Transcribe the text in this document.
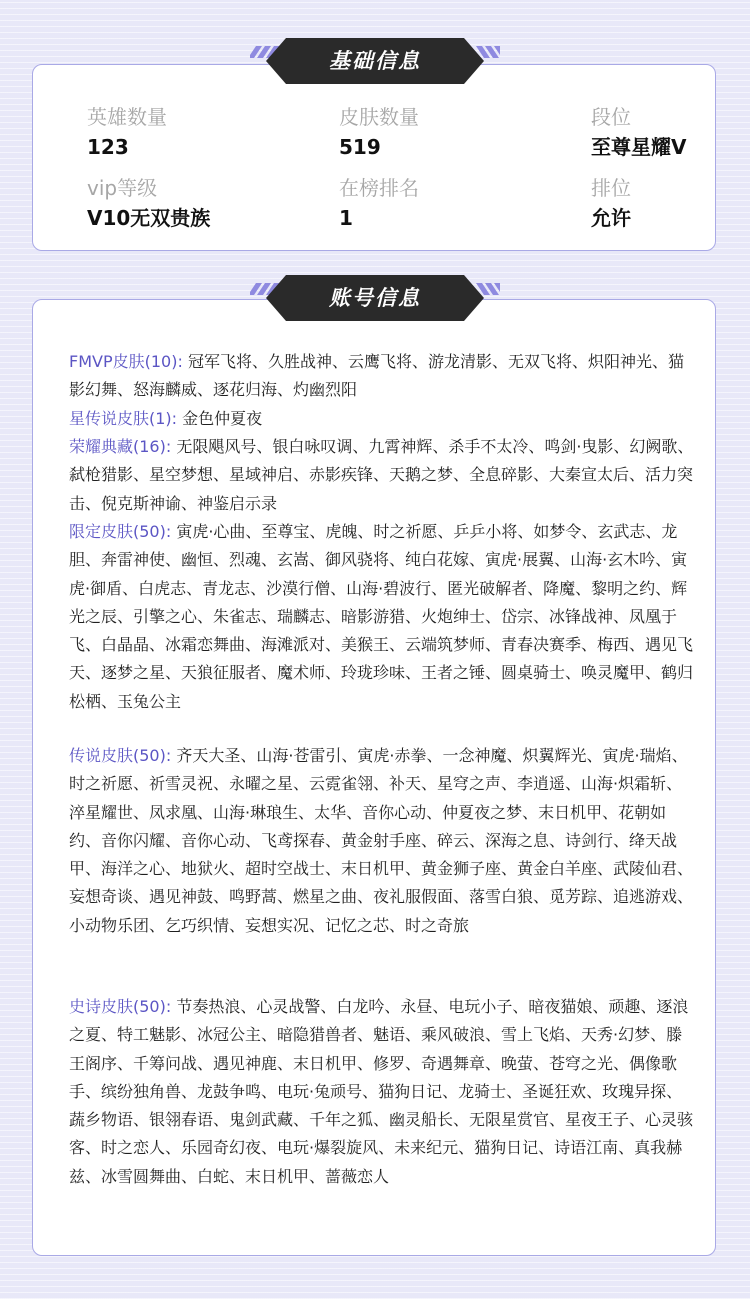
英雄数量
123
皮肤数量
519
段位
至尊星耀V
vip等级
V10无双贵族
在榜排名
1
排位
允许
基础信息
FMVP皮肤(10): 冠军飞将、久胜战神、云鹰飞将、游龙清影、无双飞将、炽阳神光、猫影幻舞、怒海麟威、逐花归海、灼幽烈阳
星传说皮肤(1): 金色仲夏夜
荣耀典藏(16): 无限飓风号、银白咏叹调、九霄神辉、杀手不太冷、鸣剑·曳影、幻阙歌、弑枪猎影、星空梦想、星域神启、赤影疾锋、天鹅之梦、全息碎影、大秦宣太后、活力突击、倪克斯神谕、神鉴启示录
限定皮肤(50): 寅虎·心曲、至尊宝、虎魄、时之祈愿、乒乒小将、如梦令、玄武志、龙胆、奔雷神使、幽恒、烈魂、玄嵩、御风骁将、纯白花嫁、寅虎·展翼、山海·玄木吟、寅虎·御盾、白虎志、青龙志、沙漠行僧、山海·碧波行、匿光破解者、降魔、黎明之约、辉光之辰、引擎之心、朱雀志、瑞麟志、暗影游猎、火炮绅士、岱宗、冰锋战神、凤凰于飞、白晶晶、冰霜恋舞曲、海滩派对、美猴王、云端筑梦师、青春决赛季、梅西、遇见飞天、逐梦之星、天狼征服者、魔术师、玲珑珍味、王者之锤、圆桌骑士、唤灵魔甲、鹤归松栖、玉兔公主
传说皮肤(50): 齐天大圣、山海·苍雷引、寅虎·赤拳、一念神魔、炽翼辉光、寅虎·瑞焰、时之祈愿、祈雪灵祝、永曜之星、云霓雀翎、补天、星穹之声、李逍遥、山海·炽霜斩、淬星耀世、凤求凰、山海·琳琅生、太华、音你心动、仲夏夜之梦、末日机甲、花朝如约、音你闪耀、音你心动、飞鸢探春、黄金射手座、碎云、深海之息、诗剑行、绛天战甲、海洋之心、地狱火、超时空战士、末日机甲、黄金狮子座、黄金白羊座、武陵仙君、妄想奇谈、遇见神鼓、鸣野蒿、燃星之曲、夜礼服假面、落雪白狼、觅芳踪、追逃游戏、小动物乐团、乞巧织情、妄想实况、记忆之芯、时之奇旅
史诗皮肤(50): 节奏热浪、心灵战警、白龙吟、永昼、电玩小子、暗夜猫娘、顽趣、逐浪之夏、特工魅影、冰冠公主、暗隐猎兽者、魅语、乘风破浪、雪上飞焰、天秀·幻梦、滕王阁序、千筹问战、遇见神鹿、末日机甲、修罗、奇遇舞章、晚萤、苍穹之光、偶像歌手、缤纷独角兽、龙鼓争鸣、电玩·兔顽号、猫狗日记、龙骑士、圣诞狂欢、玫瑰异探、蔬乡物语、银翎春语、鬼剑武藏、千年之狐、幽灵船长、无限星赏官、星夜王子、心灵骇客、时之恋人、乐园奇幻夜、电玩·爆裂旋风、未来纪元、猫狗日记、诗语江南、真我赫兹、冰雪圆舞曲、白蛇、末日机甲、蔷薇恋人
账号信息
